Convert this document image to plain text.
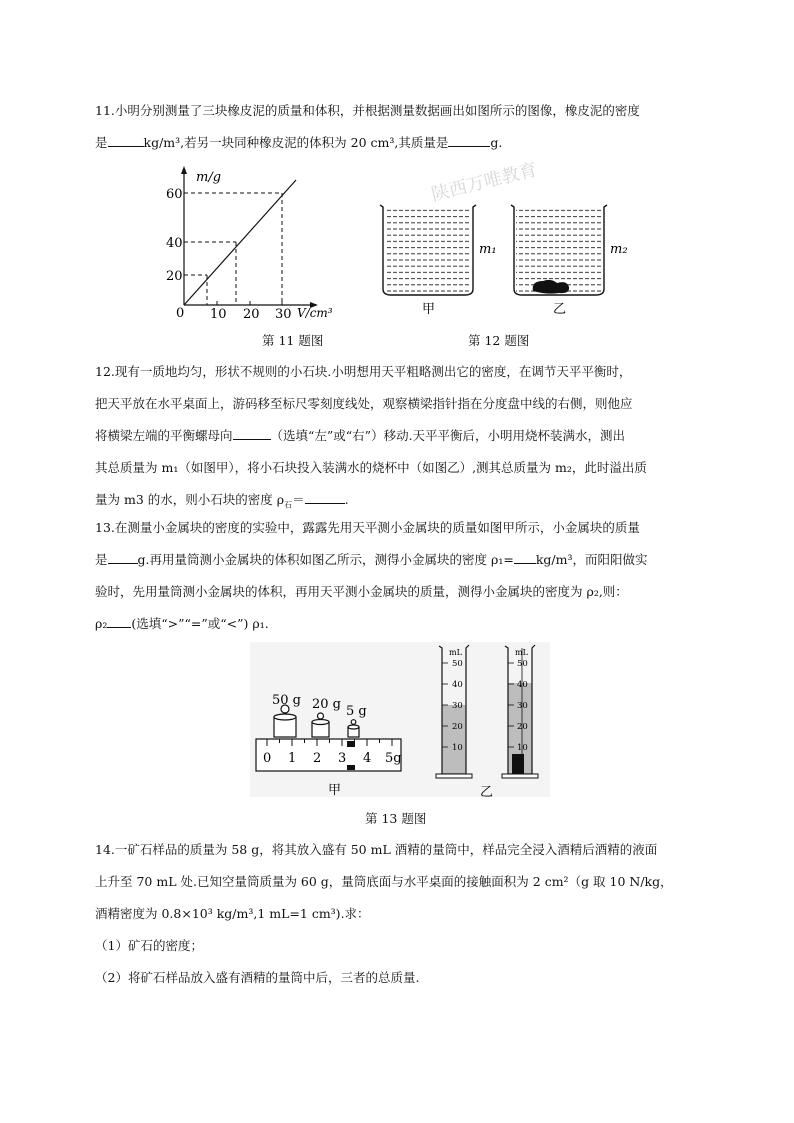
陕西万唯教育
11.小明分别测量了三块橡皮泥的质量和体积，并根据测量数据画出如图所示的图像，橡皮泥的密度
是	kg/m³,若另一块同种橡皮泥的体积为 20 cm³,其质量是	g.
m/g
0
20
40
60
10 20 30 V/cm³
m₁	m₂
甲	乙
第 11 题图	第 12 题图
12.现有一质地均匀，形状不规则的小石块.小明想用天平粗略测出它的密度，在调节天平平衡时，
把天平放在水平桌面上，游码移至标尺零刻度线处，观察横梁指针指在分度盘中线的右侧，则他应
将横梁左端的平衡螺母向	（选填“左”或“右”）移动.天平平衡后，小明用烧杯装满水，测出
其总质量为 m₁（如图甲），将小石块投入装满水的烧杯中（如图乙）,测其总质量为 m₂，此时溢出质
量为 m3 的水，则小石块的密度 $\rho_石=$	.
13.在测量小金属块的密度的实验中，露露先用天平测小金属块的质量如图甲所示，小金属块的质量
是 g.再用量筒测小金属块的体积如图乙所示，测得小金属块的密度 ρ₁= kg/m³，而阳阳做实
验时，先用量筒测小金属块的体积，再用天平测小金属块的质量，测得小金属块的密度为 ρ₂,则：
ρ₂ (选填“>”“=”或“<”) ρ₁.
50 g 20 g 5 g
0 1 2 3 4 5g
mL	mL
50
40
30
20
10
50
40
30
20
10
甲	乙
第 13 题图
14.一矿石样品的质量为 58 g，将其放入盛有 50 mL 酒精的量筒中，样品完全浸入酒精后酒精的液面
上升至 70 mL 处.已知空量筒质量为 60 g，量筒底面与水平桌面的接触面积为 2 cm²（g 取 10 N/kg，
酒精密度为 0.8×10³ kg/m³,1 mL=1 cm³).求：
（1）矿石的密度；
（2）将矿石样品放入盛有酒精的量筒中后，三者的总质量.
